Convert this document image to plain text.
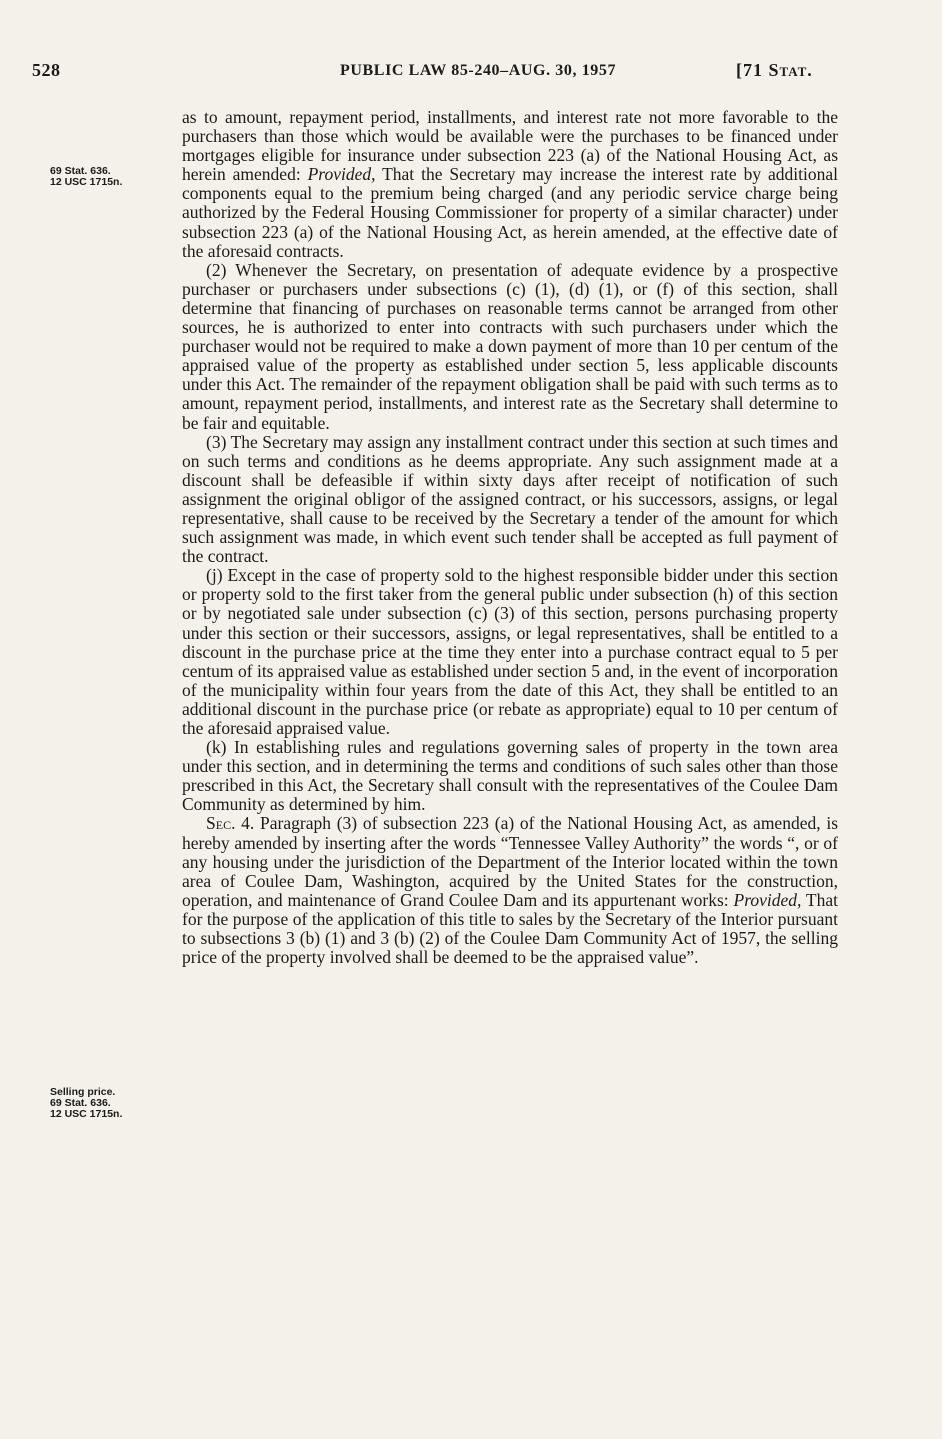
528	PUBLIC LAW 85-240–AUG. 30, 1957	[71 Stat.
69 Stat. 636.
12 USC 1715n.
Selling price.
69 Stat. 636.
12 USC 1715n.

as to amount, repayment period, installments, and interest rate not more favorable to the purchasers than those which would be available were the purchases to be financed under mortgages eligible for insurance under subsection 223 (a) of the National Housing Act, as herein amended: Provided, That the Secretary may increase the interest rate by additional components equal to the premium being charged (and any periodic service charge being authorized by the Federal Housing Commissioner for property of a similar character) under subsection 223 (a) of the National Housing Act, as herein amended, at the effective date of the aforesaid contracts.

(2) Whenever the Secretary, on presentation of adequate evidence by a prospective purchaser or purchasers under subsections (c) (1), (d) (1), or (f) of this section, shall determine that financing of purchases on reasonable terms cannot be arranged from other sources, he is authorized to enter into contracts with such purchasers under which the purchaser would not be required to make a down payment of more than 10 per centum of the appraised value of the property as established under section 5, less applicable discounts under this Act. The remainder of the repayment obligation shall be paid with such terms as to amount, repayment period, installments, and interest rate as the Secretary shall determine to be fair and equitable.

(3) The Secretary may assign any installment contract under this section at such times and on such terms and conditions as he deems appropriate. Any such assignment made at a discount shall be defeasible if within sixty days after receipt of notification of such assignment the original obligor of the assigned contract, or his successors, assigns, or legal representative, shall cause to be received by the Secretary a tender of the amount for which such assignment was made, in which event such tender shall be accepted as full payment of the contract.

(j) Except in the case of property sold to the highest responsible bidder under this section or property sold to the first taker from the general public under subsection (h) of this section or by negotiated sale under subsection (c) (3) of this section, persons purchasing property under this section or their successors, assigns, or legal representatives, shall be entitled to a discount in the purchase price at the time they enter into a purchase contract equal to 5 per centum of its appraised value as established under section 5 and, in the event of incorporation of the municipality within four years from the date of this Act, they shall be entitled to an additional discount in the purchase price (or rebate as appropriate) equal to 10 per centum of the aforesaid appraised value.

(k) In establishing rules and regulations governing sales of property in the town area under this section, and in determining the terms and conditions of such sales other than those prescribed in this Act, the Secretary shall consult with the representatives of the Coulee Dam Community as determined by him.

Sec. 4. Paragraph (3) of subsection 223 (a) of the National Housing Act, as amended, is hereby amended by inserting after the words “Tennessee Valley Authority” the words “, or of any housing under the jurisdiction of the Department of the Interior located within the town area of Coulee Dam, Washington, acquired by the United States for the construction, operation, and maintenance of Grand Coulee Dam and its appurtenant works: Provided, That for the purpose of the application of this title to sales by the Secretary of the Interior pursuant to subsections 3 (b) (1) and 3 (b) (2) of the Coulee Dam Community Act of 1957, the selling price of the property involved shall be deemed to be the appraised value”.
